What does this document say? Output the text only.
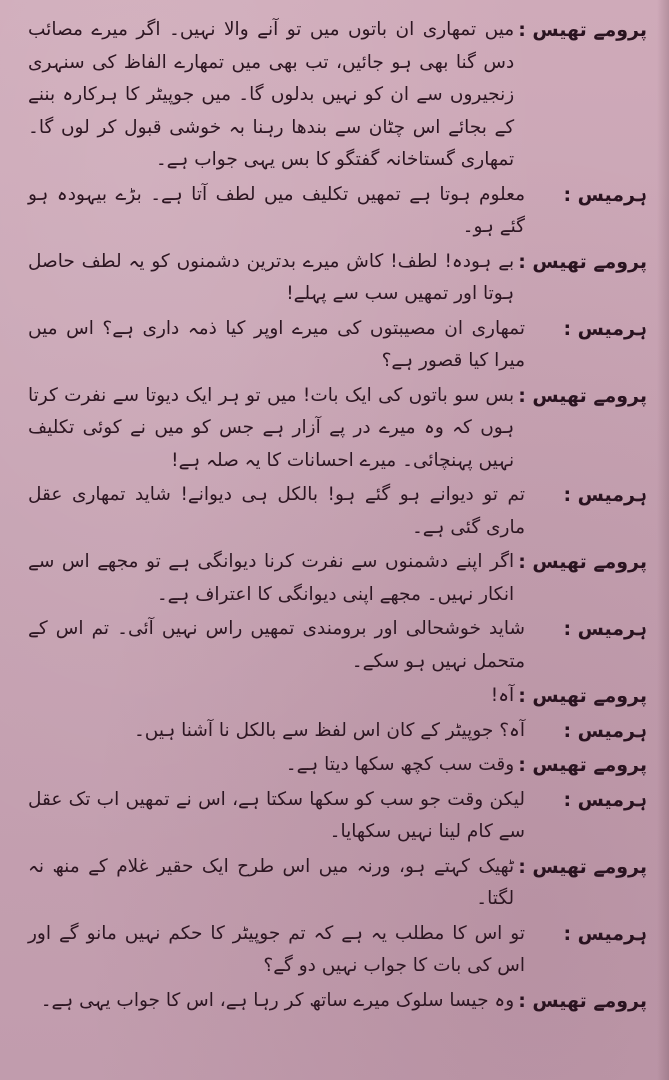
پرومے تھیس :
میں تمھاری ان باتوں میں تو آنے والا نہیں۔ اگر میرے مصائب دس گنا بھی ہو جائیں، تب بھی میں تمھارے الفاظ کی سنہری زنجیروں سے ان کو نہیں بدلوں گا۔ میں جوپیٹر کا ہرکارہ بننے کے بجائے اس چٹان سے بندھا رہنا بہ خوشی قبول کر لوں گا۔ تمھاری گستاخانہ گفتگو کا بس یہی جواب ہے۔
ہرمیس :
معلوم ہوتا ہے تمھیں تکلیف میں لطف آتا ہے۔ بڑے بیہودہ ہو گئے ہو۔
پرومے تھیس :
بے ہودہ! لطف! کاش میرے بدترین دشمنوں کو یہ لطف حاصل ہوتا اور تمھیں سب سے پہلے!
ہرمیس :
تمھاری ان مصیبتوں کی میرے اوپر کیا ذمہ داری ہے؟ اس میں میرا کیا قصور ہے؟
پرومے تھیس :
بس سو باتوں کی ایک بات! میں تو ہر ایک دیوتا سے نفرت کرتا ہوں کہ وہ میرے در پے آزار ہے جس کو میں نے کوئی تکلیف نہیں پہنچائی۔ میرے احسانات کا یہ صلہ ہے!
ہرمیس :
تم تو دیوانے ہو گئے ہو! بالکل ہی دیوانے! شاید تمھاری عقل ماری گئی ہے۔
پرومے تھیس :
اگر اپنے دشمنوں سے نفرت کرنا دیوانگی ہے تو مجھے اس سے انکار نہیں۔ مجھے اپنی دیوانگی کا اعتراف ہے۔
ہرمیس :
شاید خوشحالی اور برومندی تمھیں راس نہیں آئی۔ تم اس کے متحمل نہیں ہو سکے۔
پرومے تھیس :
آہ!
ہرمیس :
آہ؟ جوپیٹر کے کان اس لفظ سے بالکل نا آشنا ہیں۔
پرومے تھیس :
وقت سب کچھ سکھا دیتا ہے۔
ہرمیس :
لیکن وقت جو سب کو سکھا سکتا ہے، اس نے تمھیں اب تک عقل سے کام لینا نہیں سکھایا۔
پرومے تھیس :
ٹھیک کہتے ہو، ورنہ میں اس طرح ایک حقیر غلام کے منھ نہ لگتا۔
ہرمیس :
تو اس کا مطلب یہ ہے کہ تم جوپیٹر کا حکم نہیں مانو گے اور اس کی بات کا جواب نہیں دو گے؟
پرومے تھیس :
وہ جیسا سلوک میرے ساتھ کر رہا ہے، اس کا جواب یہی ہے۔
